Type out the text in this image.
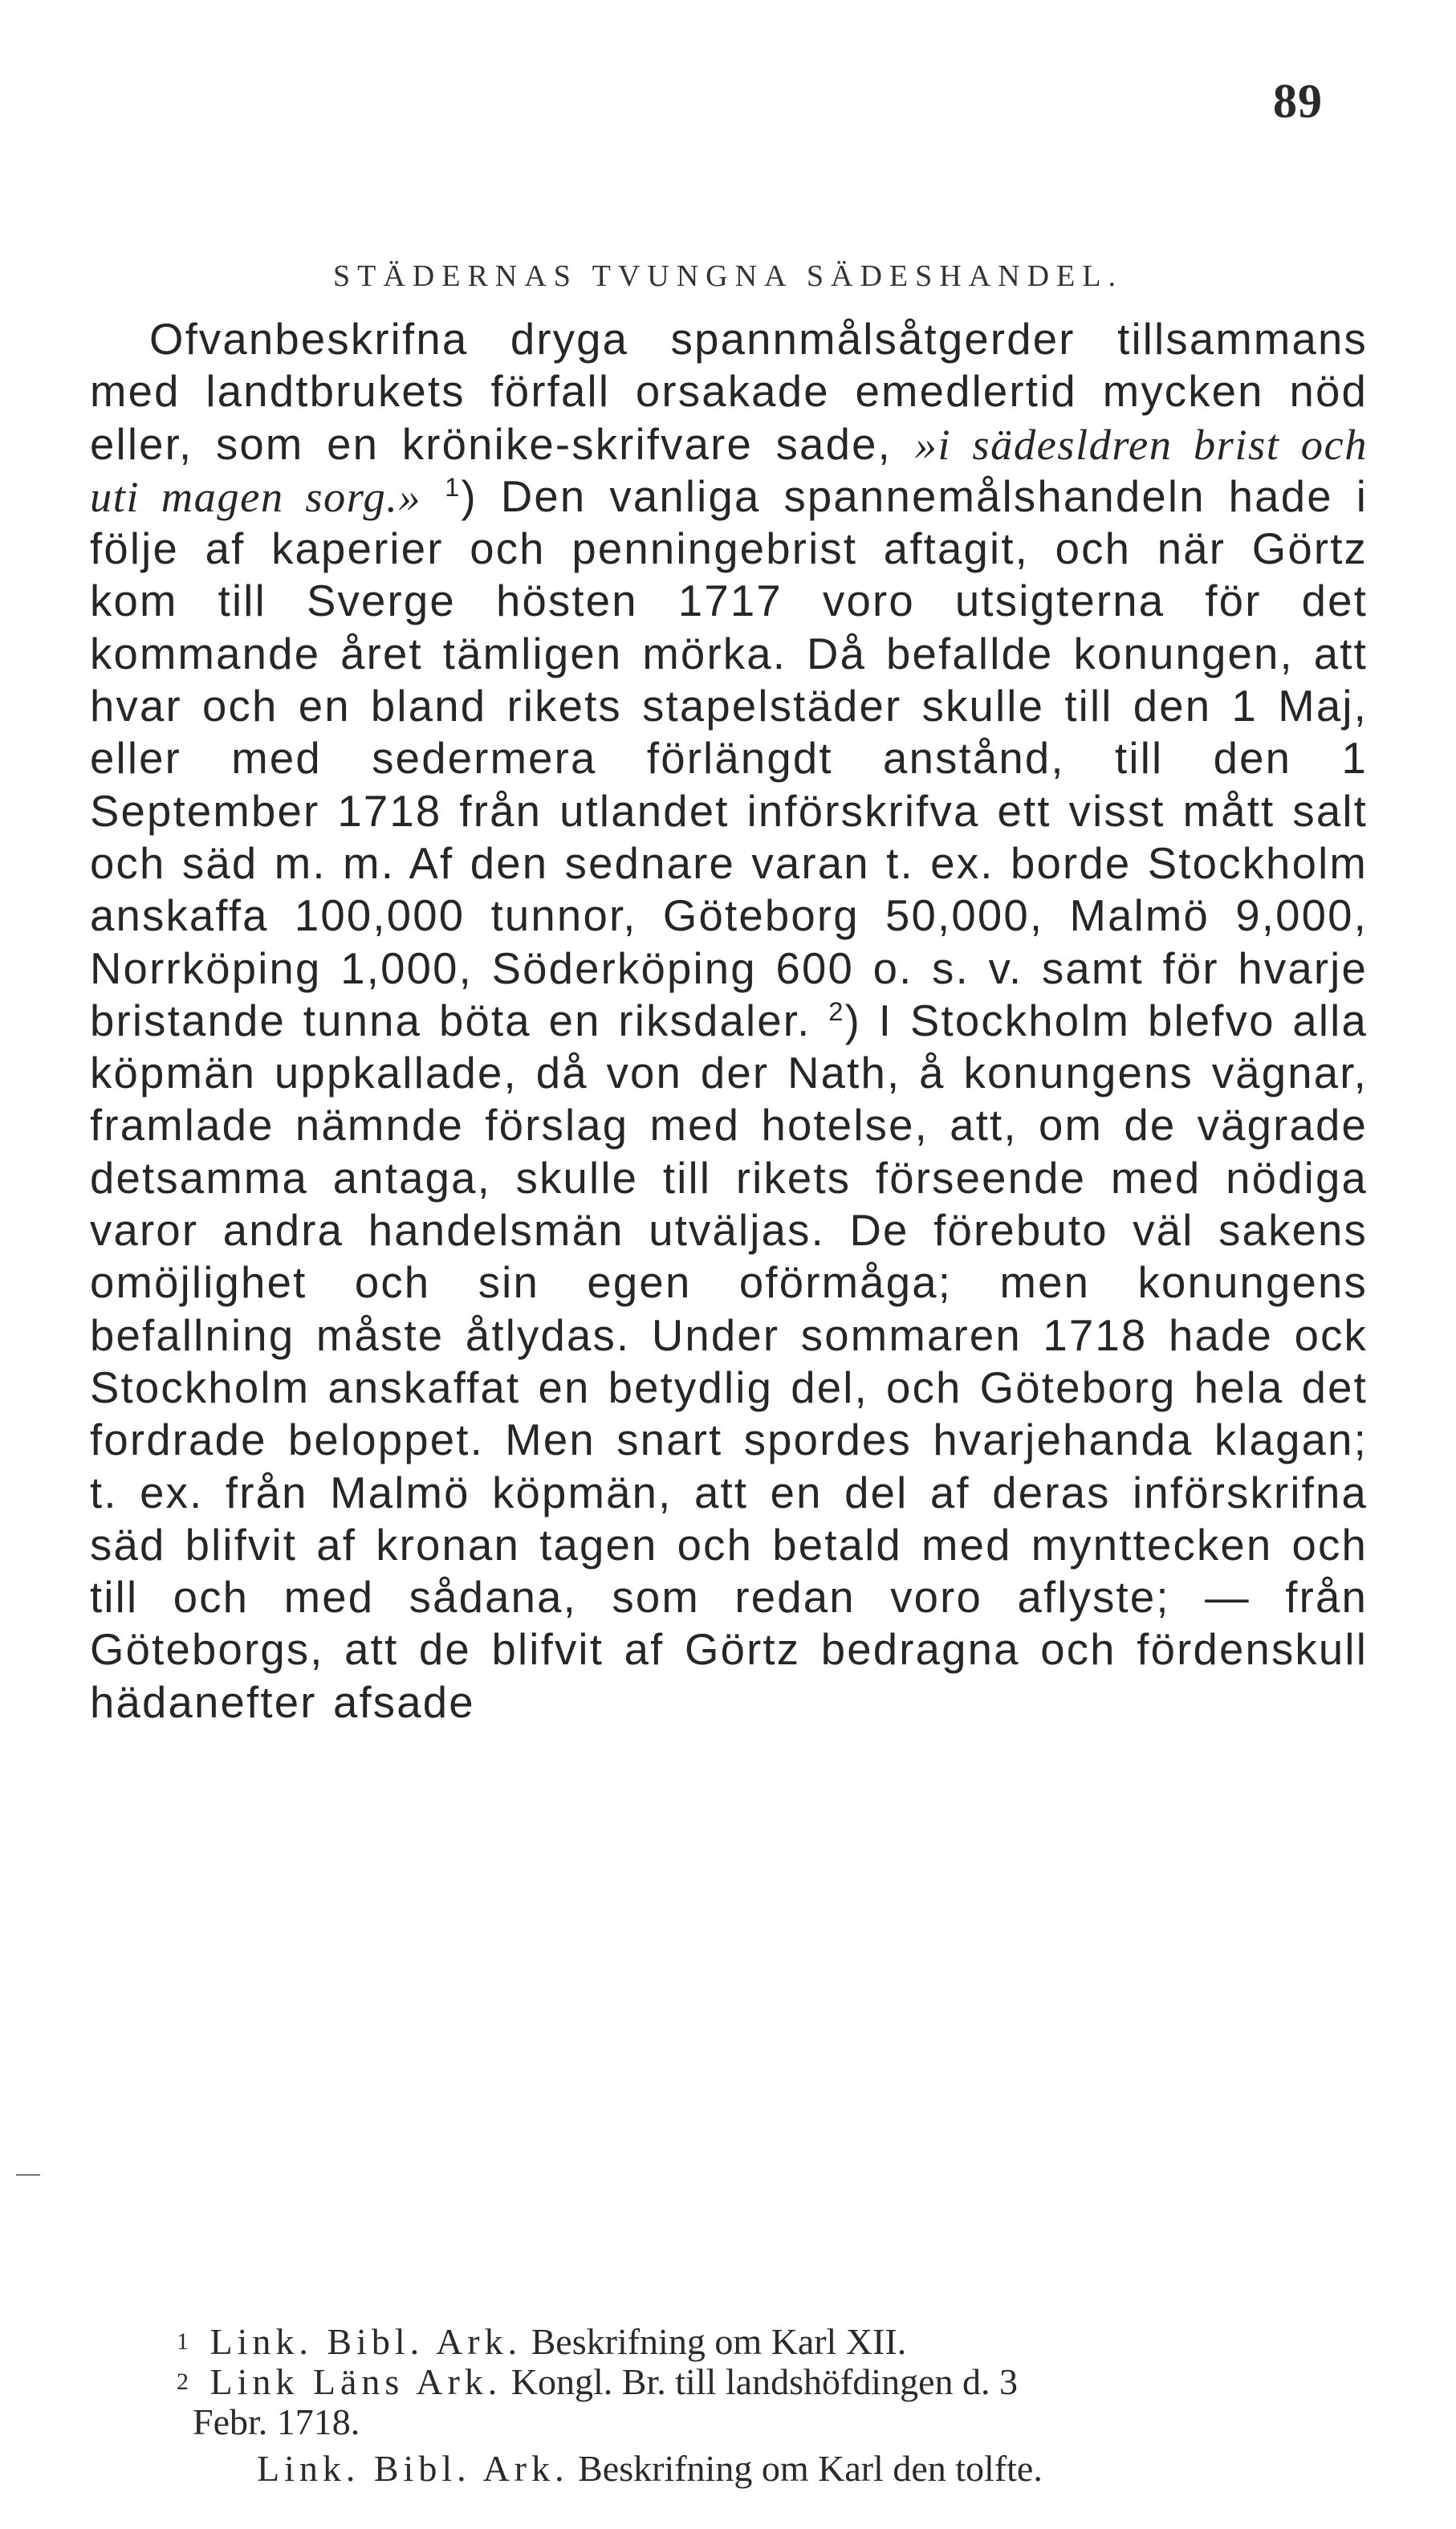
89
STÄDERNAS TVUNGNA SÄDESHANDEL.

Ofvanbeskrifna dryga spannmålsåtgerder tillsammans med landtbrukets förfall orsakade emedlertid mycken nöd eller, som en krönike-skrifvare sade, »i sädesldren brist och uti magen sorg.» $^1$) Den vanliga spannemålshandeln hade i följe af kaperier och penningebrist aftagit, och när Görtz kom till Sverge hösten 1717 voro utsigterna för det kommande året tämligen mörka. Då befallde konungen, att hvar och en bland rikets stapelstäder skulle till den 1 Maj, eller med sedermera förlängdt anstånd, till den 1 September 1718 från utlandet införskrifva ett visst mått salt och säd m. m. Af den sednare varan t. ex. borde Stockholm anskaffa 100,000 tunnor, Göteborg 50,000, Malmö 9,000, Norrköping 1,000, Söderköping 600 o. s. v. samt för hvarje bristande tunna böta en riksdaler. $^2$) I Stockholm blefvo alla köpmän uppkallade, då von der Nath, å konungens vägnar, framlade nämnde förslag med hotelse, att, om de vägrade detsamma antaga, skulle till rikets förseende med nödiga varor andra handelsmän utväljas. De förebuto väl sakens omöjlighet och sin egen oförmåga; men konungens befallning måste åtlydas. Under sommaren 1718 hade ock Stockholm anskaffat en betydlig del, och Göteborg hela det fordrade beloppet. Men snart spordes hvarjehanda klagan; t. ex. från Malmö köpmän, att en del af deras införskrifna säd blifvit af kronan tagen och betald med mynttecken och till och med sådana, som redan voro aflyste; — från Göteborgs, att de blifvit af Görtz bedragna och fördenskull hädanefter afsade

1 Link. Bibl. Ark. Beskrifning om Karl XII.

2 Link Läns Ark. Kongl. Br. till landshöfdingen d. 3

Febr. 1718.

Link. Bibl. Ark. Beskrifning om Karl den tolfte.
